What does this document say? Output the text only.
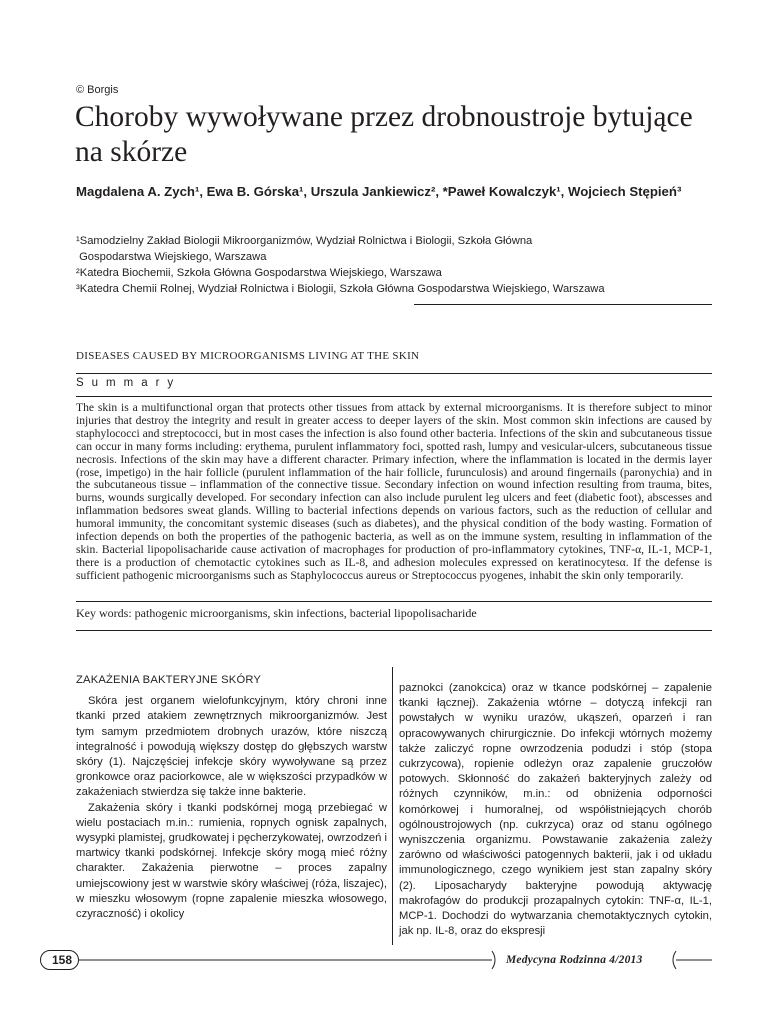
© Borgis
Choroby wywoływane przez drobnoustroje bytujące na skórze
Magdalena A. Zych¹, Ewa B. Górska¹, Urszula Jankiewicz², *Paweł Kowalczyk¹, Wojciech Stępień³
¹Samodzielny Zakład Biologii Mikroorganizmów, Wydział Rolnictwa i Biologii, Szkoła Główna
Gospodarstwa Wiejskiego, Warszawa
²Katedra Biochemii, Szkoła Główna Gospodarstwa Wiejskiego, Warszawa
³Katedra Chemii Rolnej, Wydział Rolnictwa i Biologii, Szkoła Główna Gospodarstwa Wiejskiego, Warszawa
DISEASES CAUSED BY MICROORGANISMS LIVING AT THE SKIN
S u m m a r y
The skin is a multifunctional organ that protects other tissues from attack by external microorganisms. It is therefore subject to minor injuries that destroy the integrity and result in greater access to deeper layers of the skin. Most common skin infections are caused by staphylococci and streptococci, but in most cases the infection is also found other bacteria. Infections of the skin and subcutaneous tissue can occur in many forms including: erythema, purulent inflammatory foci, spotted rash, lumpy and vesicular-ulcers, subcutaneous tissue necrosis. Infections of the skin may have a different character. Primary infection, where the inflammation is located in the dermis layer (rose, impetigo) in the hair follicle (purulent inflammation of the hair follicle, furunculosis) and around fingernails (paronychia) and in the subcutaneous tissue – inflammation of the connective tissue. Secondary infection on wound infection resulting from trauma, bites, burns, wounds surgically developed. For secondary infection can also include purulent leg ulcers and feet (diabetic foot), abscesses and inflammation bedsores sweat glands. Willing to bacterial infections depends on various factors, such as the reduction of cellular and humoral immunity, the concomitant systemic diseases (such as diabetes), and the physical condition of the body wasting. Formation of infection depends on both the properties of the pathogenic bacteria, as well as on the immune system, resulting in inflammation of the skin. Bacterial lipopolisacharide cause activation of macrophages for production of pro-inflammatory cytokines, TNF-α, IL-1, MCP-1, there is a production of chemotactic cytokines such as IL-8, and adhesion molecules expressed on keratinocytesα. If the defense is sufficient pathogenic microorganisms such as Staphylococcus aureus or Streptococcus pyogenes, inhabit the skin only temporarily.
Key words: pathogenic microorganisms, skin infections, bacterial lipopolisacharide
ZAKAŻENIA BAKTERYJNE SKÓRY

Skóra jest organem wielofunkcyjnym, który chroni inne tkanki przed atakiem zewnętrznych mikroorganizmów. Jest tym samym przedmiotem drobnych urazów, które niszczą integralność i powodują większy dostęp do głębszych warstw skóry (1). Najczęściej infekcje skóry wywoływane są przez gronkowce oraz paciorkowce, ale w większości przypadków w zakażeniach stwierdza się także inne bakterie.

Zakażenia skóry i tkanki podskórnej mogą przebiegać w wielu postaciach m.in.: rumienia, ropnych ognisk zapalnych, wysypki plamistej, grudkowatej i pęcherzykowatej, owrzodzeń i martwicy tkanki podskórnej. Infekcje skóry mogą mieć różny charakter. Zakażenia pierwotne – proces zapalny umiejscowiony jest w warstwie skóry właściwej (róża, liszajec), w mieszku włosowym (ropne zapalenie mieszka włosowego, czyraczność) i okolicy

paznokci (zanokcica) oraz w tkance podskórnej – zapalenie tkanki łącznej). Zakażenia wtórne – dotyczą infekcji ran powstałych w wyniku urazów, ukąszeń, oparzeń i ran opracowywanych chirurgicznie. Do infekcji wtórnych możemy także zaliczyć ropne owrzodzenia podudzi i stóp (stopa cukrzycowa), ropienie odleżyn oraz zapalenie gruczołów potowych. Skłonność do zakażeń bakteryjnych zależy od różnych czynników, m.in.: od obniżenia odporności komórkowej i humoralnej, od współistniejących chorób ogólnoustrojowych (np. cukrzyca) oraz od stanu ogólnego wyniszczenia organizmu. Powstawanie zakażenia zależy zarówno od właściwości patogennych bakterii, jak i od układu immunologicznego, czego wynikiem jest stan zapalny skóry (2). Liposacharydy bakteryjne powodują aktywację makrofagów do produkcji prozapalnych cytokin: TNF-α, IL-1, MCP-1. Dochodzi do wytwarzania chemotaktycznych cytokin, jak np. IL-8, oraz do ekspresji

158	Medycyna Rodzinna 4/2013
